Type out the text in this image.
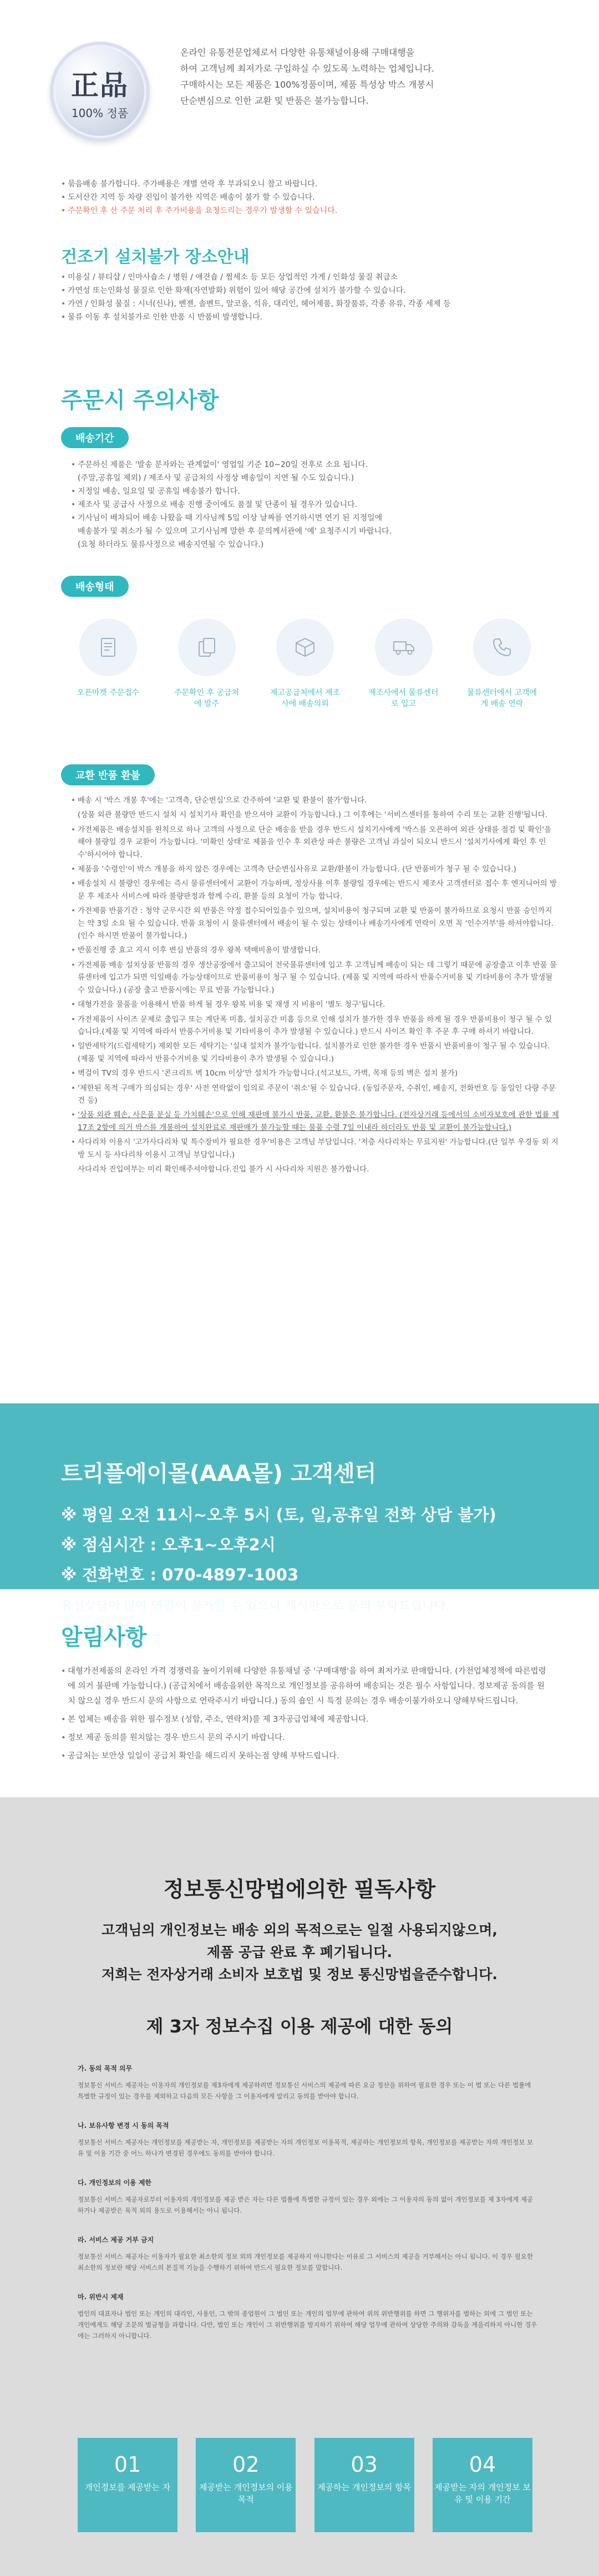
正品
100% 정품
온라인 유통전문업체로서 다양한 유통채널이용해 구매대행을
하여 고객님께 최저가로 구입하실 수 있도록 노력하는 업체입니다.
구매하시는 모든 제품은 100%정품이며, 제품 특성상 박스 개봉시
단순변심으로 인한 교환 및 반품은 불가능합니다.
• 묶음배송 불가합니다. 주가배용은 개별 연락 후 부과되오니 참고 바랍니다.
• 도서산간 지역 등 차량 진입이 불가한 지역은 배송이 불가 할 수 있습니다.
• 주문확인 후 산 주문 처리 후 주가비용을 요청드리는 경우가 발생할 수 있습니다.
건조기 설치불가 장소안내
• 미용실 / 뷰티샵 / 인마사숍소 / 병원 / 애견숍 / 찜세소 등 모든 상업적인 가게 / 인화성 물질 취급소
• 가연성 또는인화성 물질로 인한 화재(자연발화) 위험이 있어 해당 공간에 설치가 불가할 수 있습니다.
• 가연 / 인화성 물질 : 시너(신나), 벤젠, 솔벤트, 알코올, 석유, 대리인, 헤어제품, 화장품류, 각종 유류, 각종 세제 등
• 물류 이동 후 설치불가로 인한 반품 시 반품비 발생합니다.
주문시 주의사항
배송기간
• 주문하신 제품은 '발송 분자와는 관계없이' 영업일 기준 10~20일 전후로 소요 됩니다.
(주말,공휴일 제외) / 제조사 및 공급처의 사정상 배송일이 지연 될 수도 있습니다.)
• 지정일 배송, 일요일 및 공휴일 배송불가 합니다.
• 제조사 및 공급사 사정으로 배송 진행 중이에도 품절 및 단종이 될 경우가 있습니다.
• 기사님이 배차되어 배송 나왔을 때 기사님께 5일 이상 날짜를 연기하시면 연기 된 지정일에
배송불가 및 취소가 될 수 있으며 고기사님께 말한 후 문의께서관에 '예' 요청주시기 바랍니다.
(요청 하더라도 물류사정으로 배송지연될 수 있습니다.)
배송형태
오픈마켓 주문접수	주문확인 후 공급처에 발주
제고공급처에서 제조사에 배송의뢰
제조사에서 물류센터로 입고
물류센터에서 고객에게 배송 연락
교환 반품 환불
• 배송 시 '박스 개봉 후'에는 '고객측, 단순변심'으로 간주하여 '교환 및 환불이 불가'합니다.
(상품 외관 불량만 반드시 설치 시 설치기사 확인을 받으셔야 교환이 가능합니다.) 그 이후에는 '서비스센터를 통하여 수리 또는 교환 진행'됩니다.
• 가전제품은 배송설치를 원칙으로 하나 고객의 사정으로 단순 배송을 받을 경우 반드시 설치기사에게 '박스를 오픈하여 외관 상태를 점검 및 확인'을 해야 불량일 경우 교환이 가능합니다. '미확인 상태'로 제품을 인수 후 외관상 파손 불량은 고객님 과실이 되오니 반드시 '설치기사에게 확인 후 인수'하시어야 합니다.
• 제품을 '수령인'이 박스 개봉을 하지 않은 경우에는 고객측 단순변심사유로 교환/환불이 가능합니다. (단 반품비가 청구 될 수 있습니다.)
• 배송설치 시 불량인 경우에는 즉시 물류센터에서 교환이 가능하며, 정상사용 이후 불량일 경우에는 반드시 제조사 고객센터로 접수 후 엔지니어의 방문 후 제조사 서비스에 따라 불량판정과 함께 수리, 환불 등의 요청이 가능 합니다.
• 가전제품 반품기간 : 청약 군무시간 외 반품은 약정 접수되어있을수 있으며, 설치비용이 청구되며 교환 및 반품이 불가하므로 요청시 반품 승인까지는 약 3일 소요 될 수 있습니다. 반품 요청이 시 물류센터에서 배송이 될 수 있는 상태이나 배송기사에게 연락이 오면 꼭 '인수거부'를 하셔야합니다.(인수 하시면 반품이 불가합니다.)
• 반품진행 중 효고 지시 이후 변심 반품의 경우 왕복 택배비용이 발생합니다.
• 가전제품 배송 설치상품 반품의 경우 생산공장에서 출고되어 전국물류센터에 입고 후 고객님께 배송이 되는 데 그렇기 때문에 공장출고 이후 반품 물류센터에 입고가 되면 익일배송 가능상태이므로 반품비용이 청구 될 수 있습니다. (제품 및 지역에 따라서 반품수거비용 및 기타비용이 추가 발생될 수 있습니다.) (공장 출고 반품시에는 무료 반품 가능합니다.)
• 대형가전을 물품을 이용해서 반품 하게 될 경우 왕복 비용 및 재생 지 비용이 '별도 청구'됩니다.
• 가전제품이 사이즈 문제로 출입구 또는 계단폭 미흡, 설치공간 미흡 등으로 인해 설치가 불가한 경우 반품을 하게 될 경우 반품비용이 청구 될 수 있습니다.(제품 및 지역에 따라서 반품수거비용 및 기타비용이 추가 발생될 수 있습니다.) 반드시 사이즈 확인 후 주문 후 구매 하셔기 바랍니다.
• 일반세탁기(드럼세탁기) 제외한 모든 세탁기는 '실내 설치가 불가'능합니다. 설치불가로 인한 불가한 경우 반품시 반품비용이 청구 될 수 있습니다. (제품 및 지역에 따라서 반품수거비용 및 기타비용이 추가 발생될 수 있습니다.)
• 벽걸이 TV의 경우 반드시 '콘크리트 벽 10cm 이상'만 설치가 가능합니다.(석고보드, 가벽, 목재 등의 벽은 설치 불가)
• '제한된 목적 구매가 의심되는 경우' 사전 연락없이 임의로 주문이 '취소'될 수 있습니다. (동일주문자, 수취인, 배송지, 전화번호 등 동일인 다량 주문건 등)
• '상품 외관 훼손, 사은품 분실 등 가치훼손'으로 인해 재판매 불가시 반품, 교환, 환불은 불가합니다. (전자상거래 등에서의 소비자보호에 관한 법률 제 17조 2항에 의거 박스를 개봉하여 설치완료로 재판매가 불가능할 때는 물품 수령 7일 이내라 하더라도 반품 및 교환이 불가능합니다.)
• 사다리차 이용시 '고가사다리차 및 특수장비가 필요한 경우'비용은 고객님 부담입니다. '저층 사다리차는 무료지원' 가능합니다.(단 일부 우경동 외 지방 도시 등 사다리차 이용시 고객님 부담입니다.)
사다리차 진입여부는 미리 확인해주셔야합니다.진입 불가 시 사다리차 지원은 불가합니다.
트리플에이몰(AAA몰) 고객센터
※ 평일 오전 11시~오후 5시 (토, 일,공휴일 전화 상담 불가)
※ 점심시간 : 오후1~오후2시
※ 전화번호 : 070-4897-1003
유선상담이 많아 연결이 불가할 수 있으니 게시판으로 문의 부탁드립니다.
알림사항
• 대형가전제품의 온라인 가격 경쟁력을 높이기위해 다양한 유통채널 중 '구매대행'을 하여 최저가로 판매합니다. (가전업체정책에 따른법령에 의거 불판매 가능합니다.) (공급처에서 배송을위한 목적으로 개인정보를 공유하여 배송되는 것은 필수 사항입니다. 정보제공 동의를 원치 않으실 경우 반드시 문의 사항으로 연락주시기 바랍니다.) 동의 숍인 시 특정 문의는 경우 배송이불가하오니 양해부탁드립니다.
• 본 업체는 배송을 위한 필수정보 (성함, 주소, 연락처)를 제 3자공급업체에 제공합니다.
• 정보 제공 동의를 원치않는 경우 반드시 문의 주시기 바랍니다.
• 공급처는 보안상 일일이 공급처 확인을 해드리지 못하는점 양해 부탁드립니다.
정보통신망법에의한 필독사항
고객님의 개인정보는 배송 외의 목적으로는 일절 사용되지않으며,
제품 공급 완료 후 폐기됩니다.
저희는 전자상거래 소비자 보호법 및 정보 통신망법을준수합니다.
제 3자 정보수집 이용 제공에 대한 동의
가. 동의 목적 의무
정보통신 서비스 제공자는 이용자의 개인정보를 제3자에게 제공하려면 정보통신 서비스의 제공에 따른 요금 정산을 위하여 필요한 경우 또는 이 법 또는 다른 법률에 특별한 규정이 있는 경우를 제외하고 다음의 모든 사항을 그 이용자에게 알리고 동의를 받아야 합니다.
나. 보유사항 변경 시 동의 목적
정보통신 서비스 제공자는 개인정보를 제공받는 자, 개인정보를 제공받는 자의 개인정보 이용목적, 제공하는 개인정보의 항목, 개인정보를 제공받는 자의 개인정보 보유 및 이용 기간 중 어느 하나가 변경된 경우에도 동의를 받아야 합니다.
다. 개인정보의 이용 제한
정보통신 서비스 제공자로부터 이용자의 개인정보를 제공 받은 자는 다른 법률에 특별한 규정이 있는 경우 외에는 그 이용자의 동의 없이 개인정보를 제 3자에게 제공하거나 제공받은 목적 외의 용도로 이용해서는 아니 됩니다.
라. 서비스 제공 거부 금지
정보통신 서비스 제공자는 이용자가 필요한 최소한의 정보 외의 개인정보를 제공하지 아니한다는 이유로 그 서비스의 제공을 거부해서는 아니 됩니다. 이 경우 필요한 최소한의 정보란 해당 서비스의 본질적 기능을 수행하기 위하여 반드시 필요한 정보를 말합니다.
마. 위반시 제재
법인의 대표자나 법인 또는 개인의 대리인, 사용인, 그 밖의 종업원이 그 법인 또는 개인의 업무에 관하여 위의 위반행위를 하면 그 행위자를 벌하는 외에 그 법인 또는 개인에게도 해당 조문의 벌금형을 과합니다. 다만, 법인 또는 개인이 그 위반행위를 방지하기 위하여 해당 업무에 관하여 상당한 주의와 감독을 게을리하지 아니한 경우에는 그러하지 아니합니다.
01
개인정보를 제공받는 자
02
제공받는 개인정보의 이용목적
03
제공하는 개인정보의 항목
04
제공받는 자의 개인정보 보유 및 이용 기간
